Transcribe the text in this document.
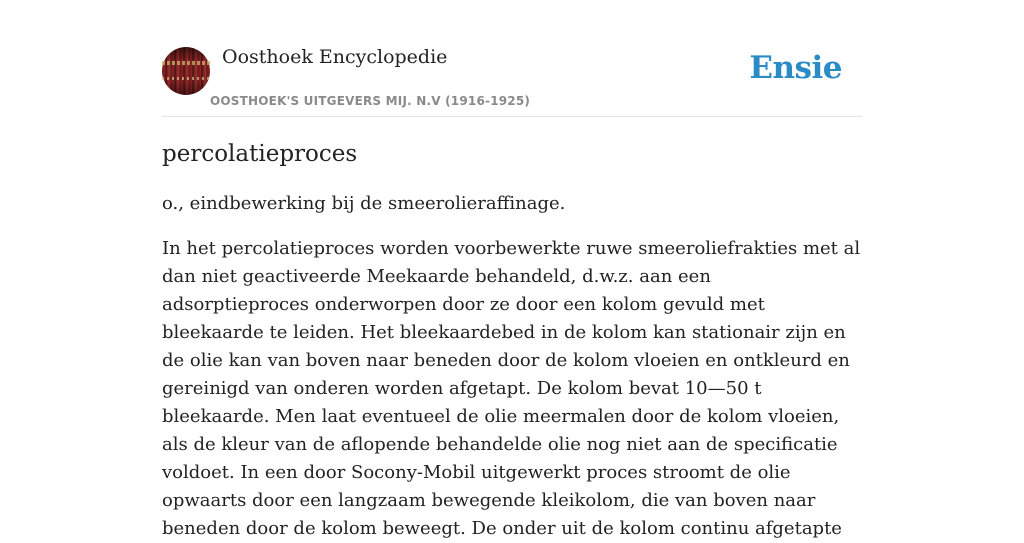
Oosthoek Encyclopedie
OOSTHOEK'S UITGEVERS MIJ. N.V (1916-1925)
Ensie
percolatieproces

o., eindbewerking bij de smeerolieraffinage.

In het percolatieproces worden voorbewerkte ruwe smeeroliefrakties met al dan niet geactiveerde Meekaarde behandeld, d.w.z. aan een adsorptieproces onderworpen door ze door een kolom gevuld met bleekaarde te leiden. Het bleekaardebed in de kolom kan stationair zijn en de olie kan van boven naar beneden door de kolom vloeien en ontkleurd en gereinigd van onderen worden afgetapt. De kolom bevat 10—50 t bleekaarde. Men laat eventueel de olie meermalen door de kolom vloeien, als de kleur van de aflopende behandelde olie nog niet aan de specificatie voldoet. In een door Socony-Mobil uitgewerkt proces stroomt de olie opwaarts door een langzaam bewegende kleikolom, die van boven naar beneden door de kolom beweegt. De onder uit de kolom continu afgetapte
